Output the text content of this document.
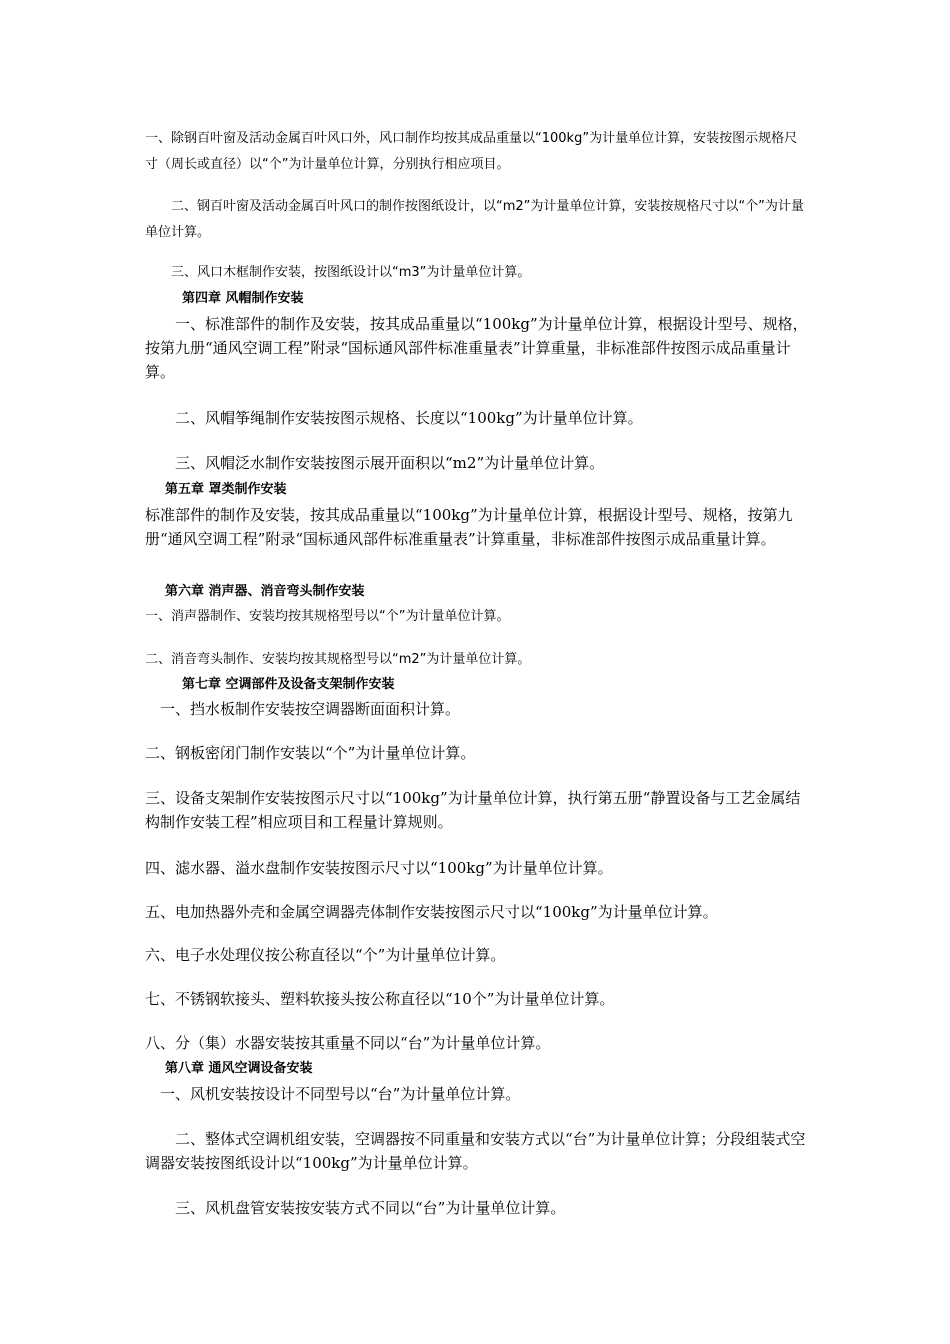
一、除钢百叶窗及活动金属百叶风口外，风口制作均按其成品重量以“100kg”为计量单位计算，安装按图示规格尺寸（周长或直径）以“个”为计量单位计算，分别执行相应项目。

　　二、钢百叶窗及活动金属百叶风口的制作按图纸设计，以“m2”为计量单位计算，安装按规格尺寸以“个”为计量单位计算。

　　三、风口木框制作安装，按图纸设计以“m3”为计量单位计算。

第四章 风帽制作安装

　　一、标准部件的制作及安装，按其成品重量以“100kg”为计量单位计算，根据设计型号、规格，按第九册“通风空调工程”附录“国标通风部件标准重量表”计算重量，非标准部件按图示成品重量计算。

　　二、风帽筝绳制作安装按图示规格、长度以“100kg”为计量单位计算。

　　三、风帽泛水制作安装按图示展开面积以“m2”为计量单位计算。

第五章 罩类制作安装

标准部件的制作及安装，按其成品重量以“100kg”为计量单位计算，根据设计型号、规格，按第九册“通风空调工程”附录“国标通风部件标准重量表”计算重量，非标准部件按图示成品重量计算。

第六章 消声器、消音弯头制作安装

一、消声器制作、安装均按其规格型号以“个”为计量单位计算。

二、消音弯头制作、安装均按其规格型号以“m2”为计量单位计算。

第七章 空调部件及设备支架制作安装

　一、挡水板制作安装按空调器断面面积计算。

二、钢板密闭门制作安装以“个”为计量单位计算。

三、设备支架制作安装按图示尺寸以“100kg”为计量单位计算，执行第五册“静置设备与工艺金属结构制作安装工程”相应项目和工程量计算规则。

四、滤水器、溢水盘制作安装按图示尺寸以“100kg”为计量单位计算。

五、电加热器外壳和金属空调器壳体制作安装按图示尺寸以“100kg”为计量单位计算。

六、电子水处理仪按公称直径以“个”为计量单位计算。

七、不锈钢软接头、塑料软接头按公称直径以“10个”为计量单位计算。

八、分（集）水器安装按其重量不同以“台”为计量单位计算。

第八章 通风空调设备安装

　一、风机安装按设计不同型号以“台”为计量单位计算。

　　二、整体式空调机组安装，空调器按不同重量和安装方式以“台”为计量单位计算；分段组装式空调器安装按图纸设计以“100kg”为计量单位计算。

　　三、风机盘管安装按安装方式不同以“台”为计量单位计算。
